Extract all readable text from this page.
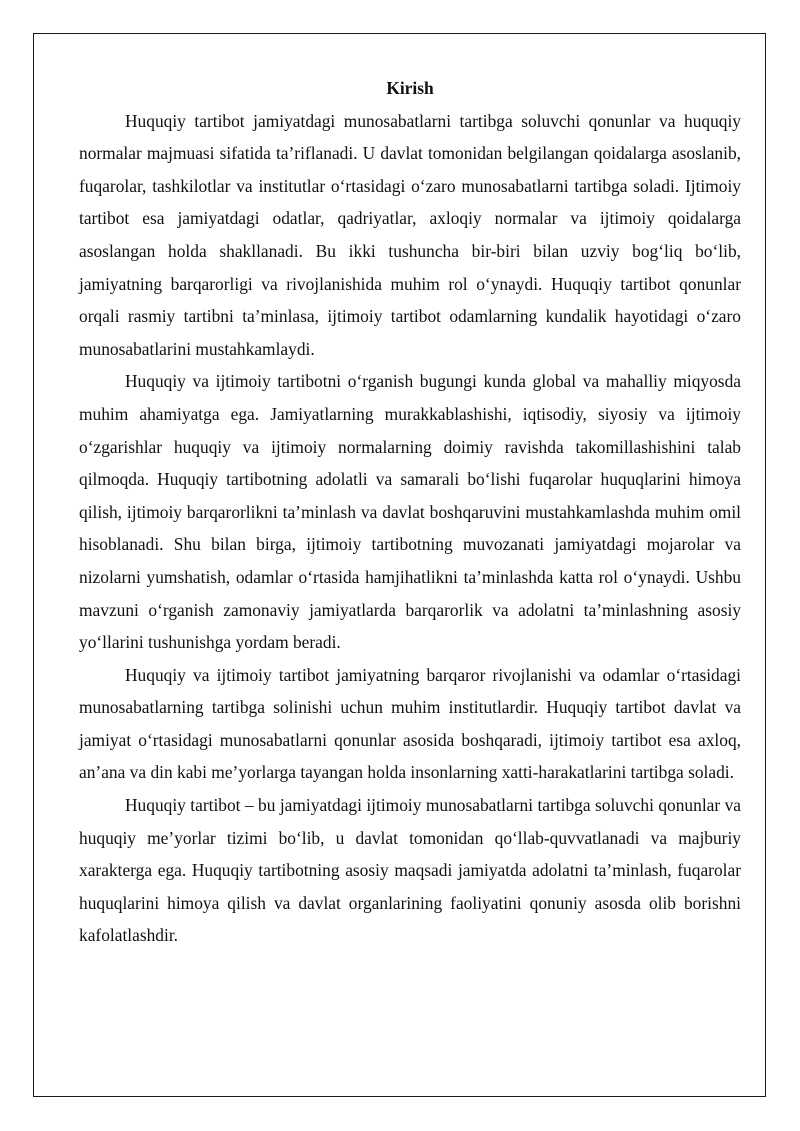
Kirish

Huquqiy tartibot jamiyatdagi munosabatlarni tartibga soluvchi qonunlar va huquqiy normalar majmuasi sifatida ta’riflanadi. U davlat tomonidan belgilangan qoidalarga asoslanib, fuqarolar, tashkilotlar va institutlar o‘rtasidagi o‘zaro munosabatlarni tartibga soladi. Ijtimoiy tartibot esa jamiyatdagi odatlar, qadriyatlar, axloqiy normalar va ijtimoiy qoidalarga asoslangan holda shakllanadi. Bu ikki tushuncha bir-biri bilan uzviy bog‘liq bo‘lib, jamiyatning barqarorligi va rivojlanishida muhim rol o‘ynaydi. Huquqiy tartibot qonunlar orqali rasmiy tartibni ta’minlasa, ijtimoiy tartibot odamlarning kundalik hayotidagi o‘zaro munosabatlarini mustahkamlaydi.

Huquqiy va ijtimoiy tartibotni o‘rganish bugungi kunda global va mahalliy miqyosda muhim ahamiyatga ega. Jamiyatlarning murakkablashishi, iqtisodiy, siyosiy va ijtimoiy o‘zgarishlar huquqiy va ijtimoiy normalarning doimiy ravishda takomillashishini talab qilmoqda. Huquqiy tartibotning adolatli va samarali bo‘lishi fuqarolar huquqlarini himoya qilish, ijtimoiy barqarorlikni ta’minlash va davlat boshqaruvini mustahkamlashda muhim omil hisoblanadi. Shu bilan birga, ijtimoiy tartibotning muvozanati jamiyatdagi mojarolar va nizolarni yumshatish, odamlar o‘rtasida hamjihatlikni ta’minlashda katta rol o‘ynaydi. Ushbu mavzuni o‘rganish zamonaviy jamiyatlarda barqarorlik va adolatni ta’minlashning asosiy yo‘llarini tushunishga yordam beradi.

Huquqiy va ijtimoiy tartibot jamiyatning barqaror rivojlanishi va odamlar o‘rtasidagi munosabatlarning tartibga solinishi uchun muhim institutlardir. Huquqiy tartibot davlat va jamiyat o‘rtasidagi munosabatlarni qonunlar asosida boshqaradi, ijtimoiy tartibot esa axloq, an’ana va din kabi me’yorlarga tayangan holda insonlarning xatti-harakatlarini tartibga soladi.

Huquqiy tartibot – bu jamiyatdagi ijtimoiy munosabatlarni tartibga soluvchi qonunlar va huquqiy me’yorlar tizimi bo‘lib, u davlat tomonidan qo‘llab-quvvatlanadi va majburiy xarakterga ega. Huquqiy tartibotning asosiy maqsadi jamiyatda adolatni ta’minlash, fuqarolar huquqlarini himoya qilish va davlat organlarining faoliyatini qonuniy asosda olib borishni kafolatlashdir.
